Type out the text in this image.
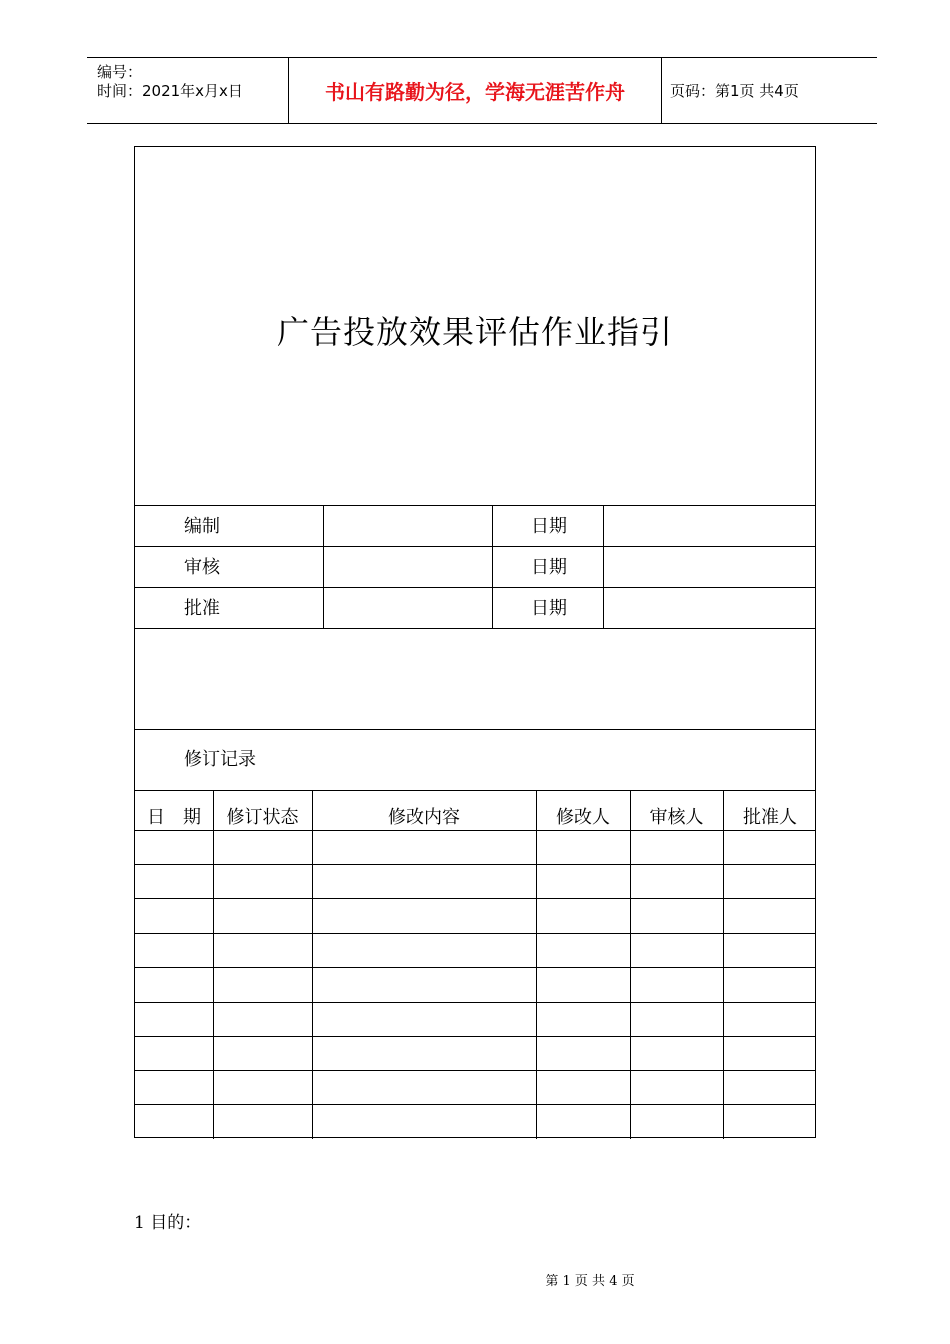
编号：
时间：2021年x月x日	书山有路勤为径，学海无涯苦作舟	页码：第1页 共4页
广告投放效果评估作业指引
编制	日期
审核	日期
批准	日期
修订记录
日　期	修订状态	修改内容	修改人	审核人	批准人
1 目的：
第 1 页 共 4 页
